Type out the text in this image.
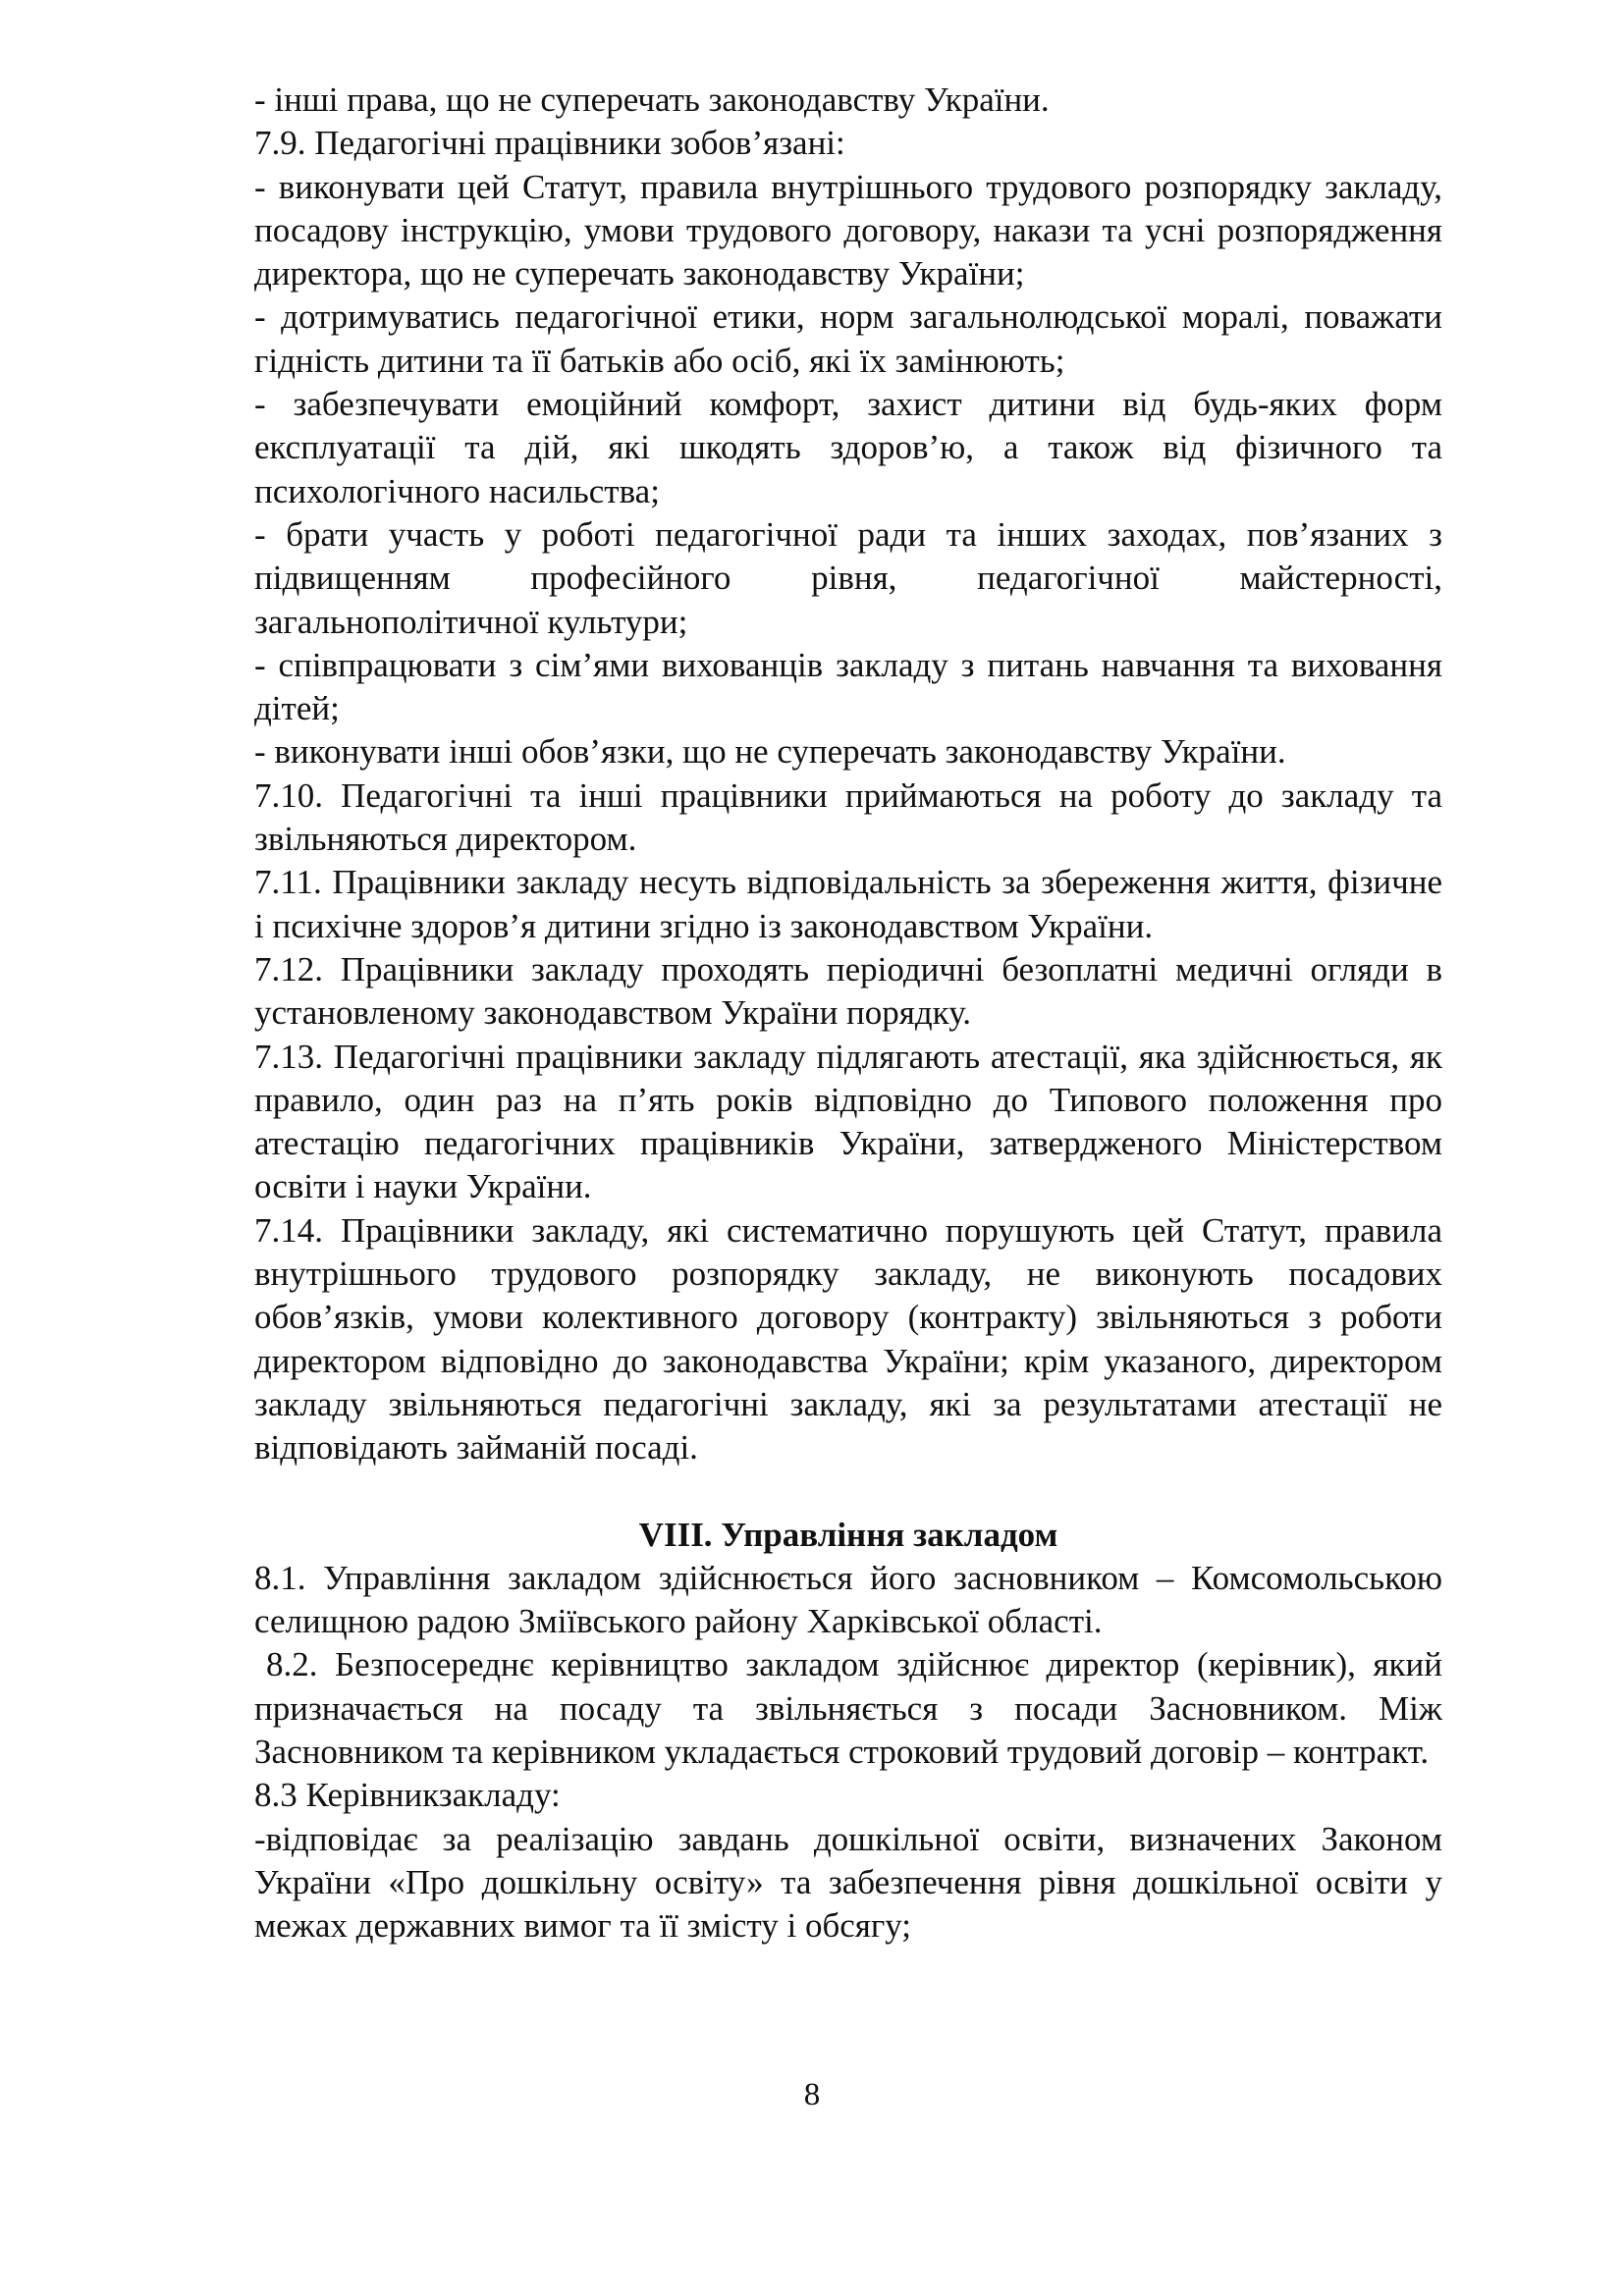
- інші права, що не суперечать законодавству України.

7.9. Педагогічні працівники зобов’язані:

- виконувати цей Статут, правила внутрішнього трудового розпорядку закладу, посадову інструкцію, умови трудового договору, накази та усні розпорядження директора, що не суперечать законодавству України;

- дотримуватись педагогічної етики, норм загальнолюдської моралі, поважати гідність дитини та її батьків або осіб, які їх замінюють;

- забезпечувати емоційний комфорт, захист дитини від будь-яких форм експлуатації та дій, які шкодять здоров’ю, а також від фізичного та психологічного насильства;

- брати участь у роботі педагогічної ради та інших заходах, пов’язаних з підвищенням професійного рівня, педагогічної майстерності, загальнополітичної культури;

- співпрацювати з сім’ями вихованців закладу з питань навчання та виховання дітей;

- виконувати інші обов’язки, що не суперечать законодавству України.

7.10. Педагогічні та інші працівники приймаються на роботу до закладу та звільняються директором.

7.11. Працівники закладу несуть відповідальність за збереження життя, фізичне і психічне здоров’я дитини згідно із законодавством України.

7.12. Працівники закладу проходять періодичні безоплатні медичні огляди в установленому законодавством України порядку.

7.13. Педагогічні працівники закладу підлягають атестації, яка здійснюється, як правило, один раз на п’ять років відповідно до Типового положення про атестацію педагогічних працівників України, затвердженого Міністерством освіти і науки України.

7.14. Працівники закладу, які систематично порушують цей Статут, правила внутрішнього трудового розпорядку закладу, не виконують посадових обов’язків, умови колективного договору (контракту) звільняються з роботи директором відповідно до законодавства України; крім указаного, директором закладу звільняються педагогічні закладу, які за результатами атестації не відповідають займаній посаді.

VIII. Управління закладом

8.1. Управління закладом здійснюється його засновником – Комсомольською селищною радою Зміївського району Харківської області.

8.2. Безпосереднє керівництво закладом здійснює директор (керівник), який призначається на посаду та звільняється з посади Засновником. Між Засновником та керівником укладається строковий трудовий договір – контракт.

8.3 Керівникзакладу:

-відповідає за реалізацію завдань дошкільної освіти, визначених Законом України «Про дошкільну освіту» та забезпечення рівня дошкільної освіти у межах державних вимог та її змісту і обсягу;

8
